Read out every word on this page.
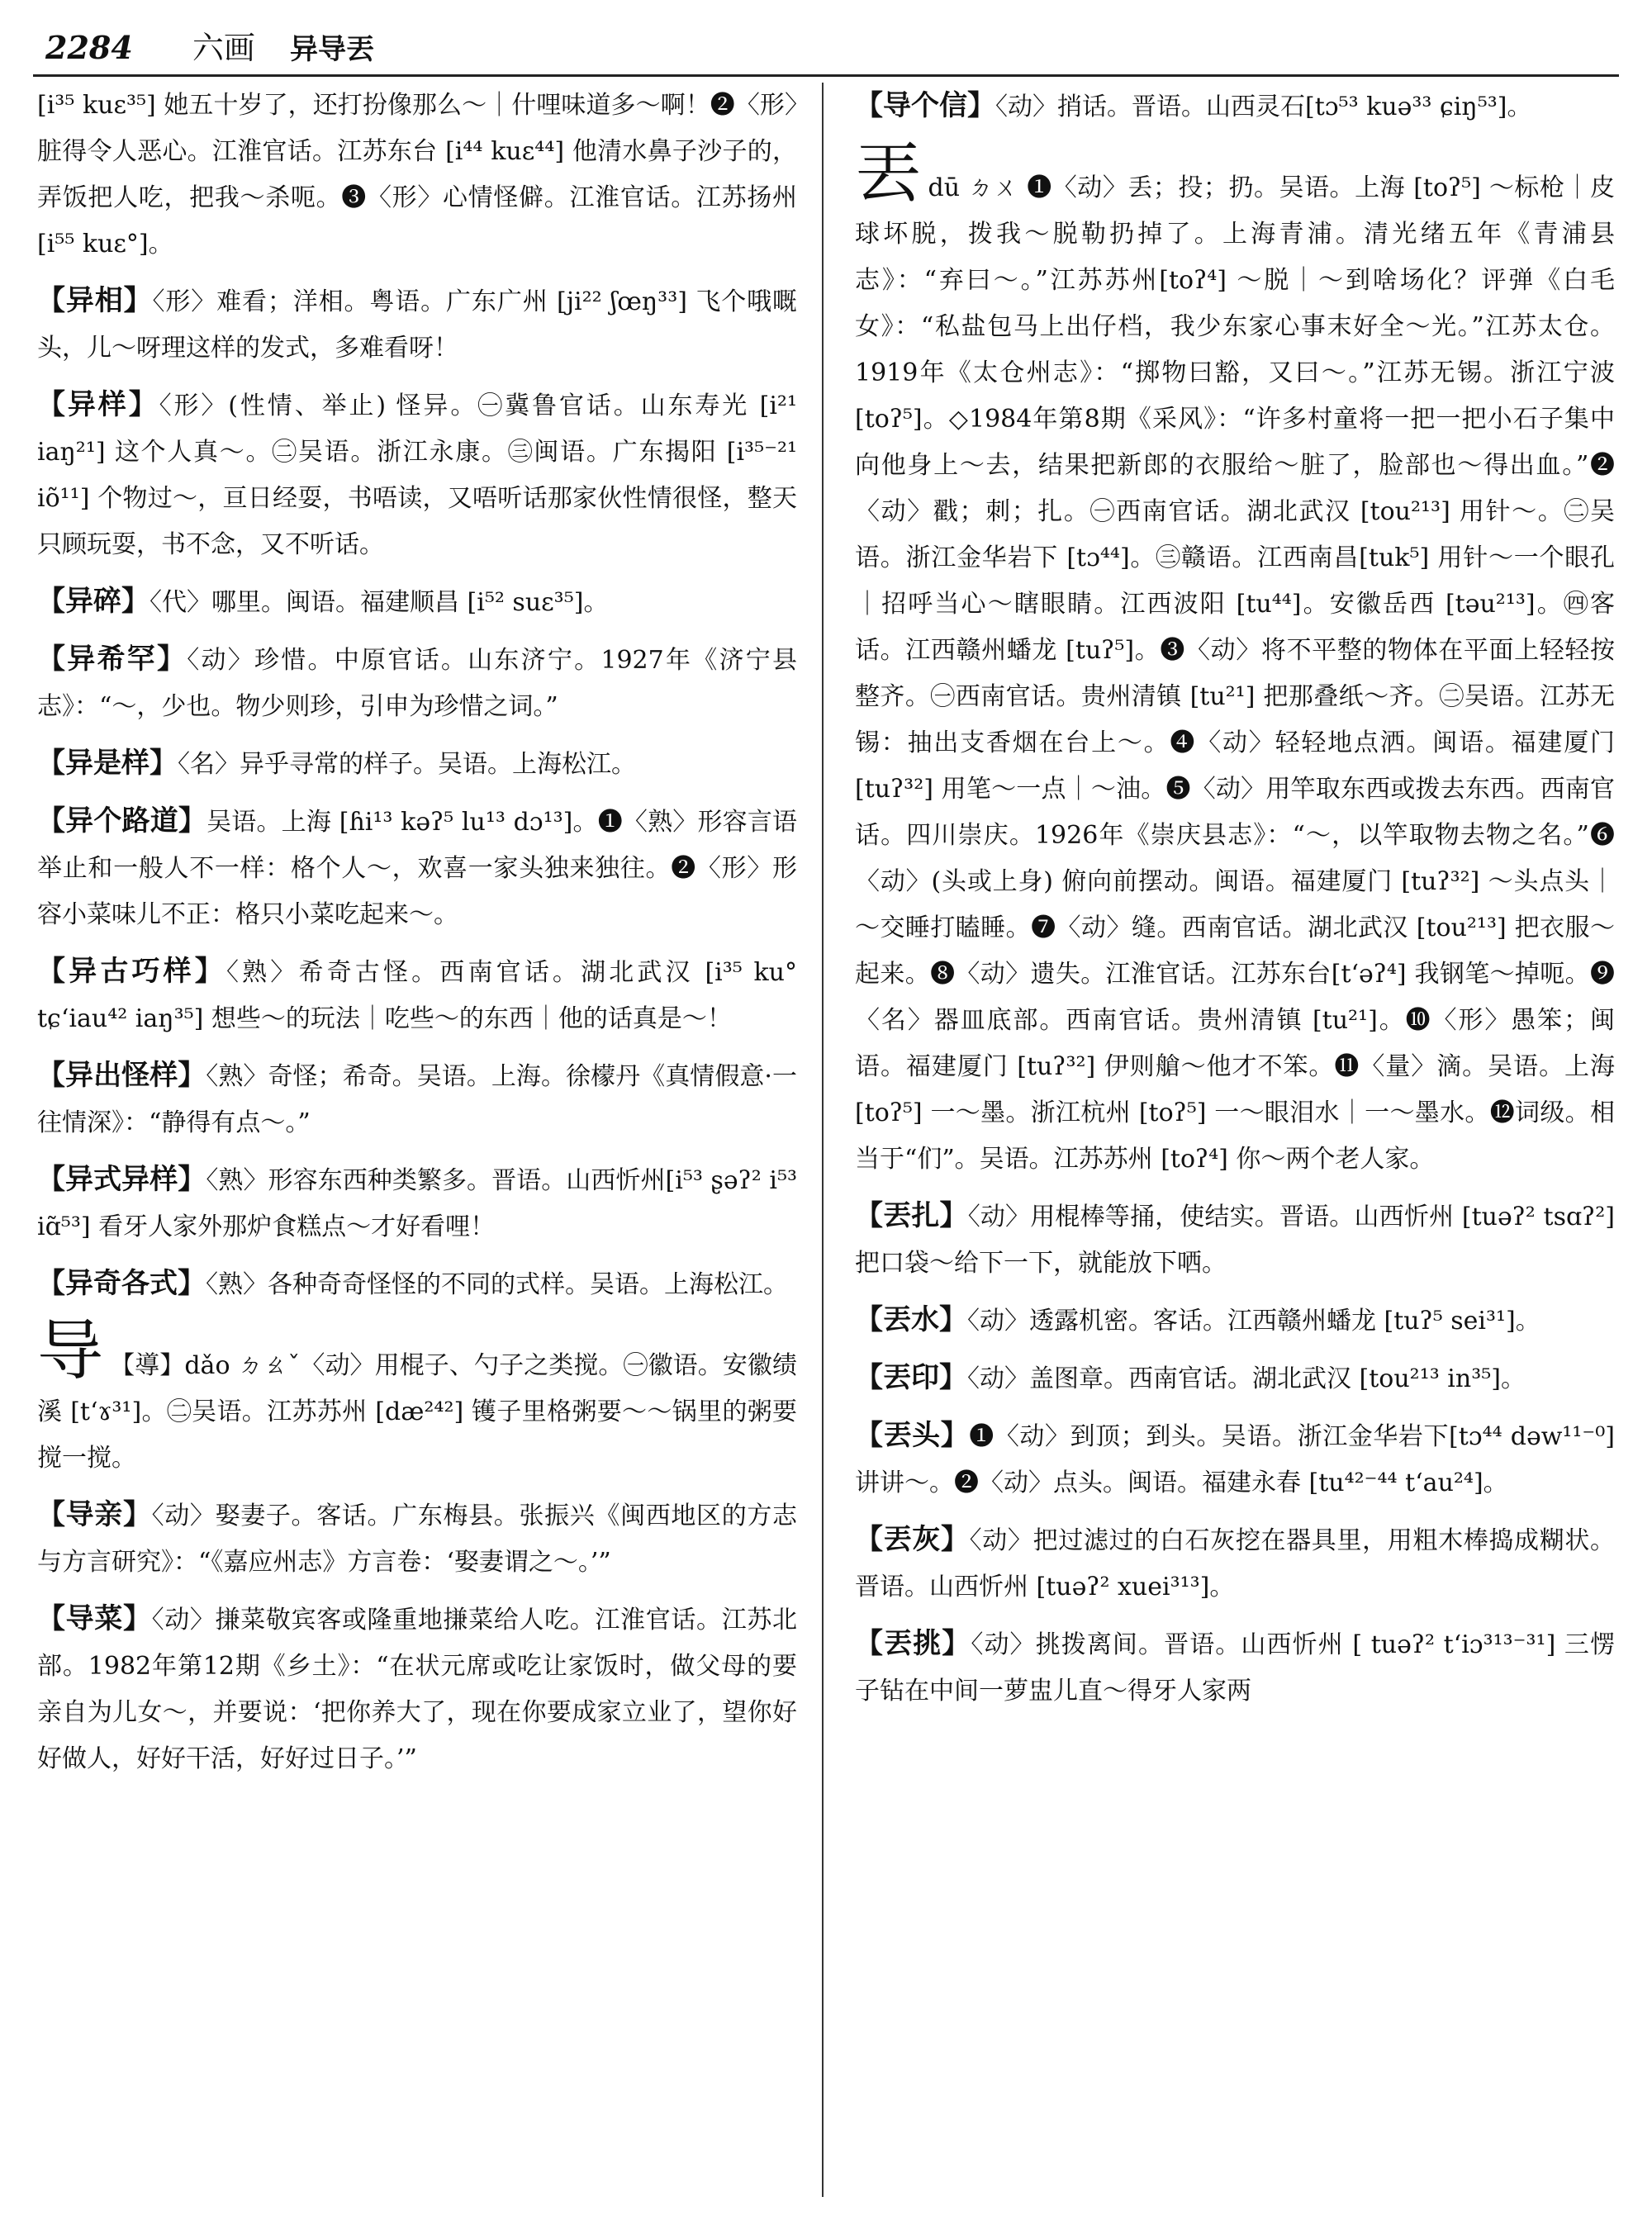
2284 六画 异导丟

[i³⁵ kuɛ³⁵] 她五十岁了，还打扮像那么～｜什哩味道多～啊！❷〈形〉脏得令人恶心。江淮官话。江苏东台 [i⁴⁴ kuɛ⁴⁴] 他清水鼻子沙子的，弄饭把人吃，把我～杀呃。❸〈形〉心情怪僻。江淮官话。江苏扬州[i⁵⁵ kuɛ°]。

【异相】〈形〉难看；洋相。粤语。广东广州 [ji²² ʃœŋ³³] 飞个哦嘅头，儿～呀理这样的发式，多难看呀！

【异样】〈形〉(性情、举止) 怪异。㊀冀鲁官话。山东寿光 [i²¹ iaŋ²¹] 这个人真～。㊁吴语。浙江永康。㊂闽语。广东揭阳 [i³⁵⁻²¹ iõ¹¹] 个物过～，亘日经耍，书唔读，又唔听话那家伙性情很怪，整天只顾玩耍，书不念，又不听话。

【异碎】〈代〉哪里。闽语。福建顺昌 [i⁵² suɛ³⁵]。

【异希罕】〈动〉珍惜。中原官话。山东济宁。1927年《济宁县志》：“～，少也。物少则珍，引申为珍惜之词。”

【异是样】〈名〉异乎寻常的样子。吴语。上海松江。

【异个路道】吴语。上海 [ɦi¹³ kəʔ⁵ lu¹³ dɔ¹³]。❶〈熟〉形容言语举止和一般人不一样：格个人～，欢喜一家头独来独往。❷〈形〉形容小菜味儿不正：格只小菜吃起来～。

【异古巧样】〈熟〉希奇古怪。西南官话。湖北武汉 [i³⁵ ku° tɕʻiau⁴² iaŋ³⁵] 想些～的玩法｜吃些～的东西｜他的话真是～！

【异出怪样】〈熟〉奇怪；希奇。吴语。上海。徐檬丹《真情假意·一往情深》：“静得有点～。”

【异式异样】〈熟〉形容东西种类繁多。晋语。山西忻州[i⁵³ ʂəʔ² i⁵³ iɑ̃⁵³] 看牙人家外那炉食糕点～才好看哩！

【异奇各式】〈熟〉各种奇奇怪怪的不同的式样。吴语。上海松江。

导 【導】dǎo ㄉㄠˇ〈动〉用棍子、勺子之类搅。㊀徽语。安徽绩溪 [tʻɤ³¹]。㊁吴语。江苏苏州 [dæ²⁴²] 镬子里格粥要～～锅里的粥要搅一搅。

【导亲】〈动〉娶妻子。客话。广东梅县。张振兴《闽西地区的方志与方言研究》：“《嘉应州志》方言卷：‘娶妻谓之～。’”

【导菜】〈动〉搛菜敬宾客或隆重地搛菜给人吃。江淮官话。江苏北部。1982年第12期《乡土》：“在状元席或吃让家饭时，做父母的要亲自为儿女～，并要说：‘把你养大了，现在你要成家立业了，望你好好做人，好好干活，好好过日子。’”

【导个信】〈动〉捎话。晋语。山西灵石[tɔ⁵³ kuə³³ ɕiŋ⁵³]。

丟dū ㄉㄨ ❶〈动〉丢；投；扔。吴语。上海 [toʔ⁵] ～标枪｜皮球坏脱，拨我～脱勒扔掉了。上海青浦。清光绪五年《青浦县志》：“弃曰～。”江苏苏州[toʔ⁴] ～脱｜～到啥场化？评弹《白毛女》：“私盐包马上出仔档，我少东家心事末好全～光。”江苏太仓。1919年《太仓州志》：“掷物曰豁，又曰～。”江苏无锡。浙江宁波 [toʔ⁵]。◇1984年第8期《采风》：“许多村童将一把一把小石子集中向他身上～去，结果把新郎的衣服给～脏了，脸部也～得出血。”❷〈动〉戳；刺；扎。㊀西南官话。湖北武汉 [tou²¹³] 用针～。㊁吴语。浙江金华岩下 [tɔ⁴⁴]。㊂赣语。江西南昌[tuk⁵] 用针～一个眼孔｜招呼当心～瞎眼睛。江西波阳 [tu⁴⁴]。安徽岳西 [təu²¹³]。㊃客话。江西赣州蟠龙 [tuʔ⁵]。❸〈动〉将不平整的物体在平面上轻轻按整齐。㊀西南官话。贵州清镇 [tu²¹] 把那叠纸～齐。㊁吴语。江苏无锡：抽出支香烟在台上～。❹〈动〉轻轻地点洒。闽语。福建厦门 [tuʔ³²] 用笔～一点｜～油。❺〈动〉用竿取东西或拨去东西。西南官话。四川崇庆。1926年《崇庆县志》：“～，以竿取物去物之名。”❻〈动〉(头或上身) 俯向前摆动。闽语。福建厦门 [tuʔ³²] ～头点头｜～交睡打瞌睡。❼〈动〉缝。西南官话。湖北武汉 [tou²¹³] 把衣服～起来。❽〈动〉遗失。江淮官话。江苏东台[tʻəʔ⁴] 我钢笔～掉呃。❾〈名〉器皿底部。西南官话。贵州清镇 [tu²¹]。❿〈形〉愚笨；闽语。福建厦门 [tuʔ³²] 伊则艙～他才不笨。⓫〈量〉滴。吴语。上海 [toʔ⁵] 一～墨。浙江杭州 [toʔ⁵] 一～眼泪水｜一～墨水。⓬词级。相当于“们”。吴语。江苏苏州 [toʔ⁴] 你～两个老人家。

【丟扎】〈动〉用棍棒等捅，使结实。晋语。山西忻州 [tuəʔ² tsɑʔ²]把口袋～给下一下，就能放下哂。

【丟水】〈动〉透露机密。客话。江西赣州蟠龙 [tuʔ⁵ sei³¹]。

【丟印】〈动〉盖图章。西南官话。湖北武汉 [tou²¹³ in³⁵]。

【丟头】❶〈动〉到顶；到头。吴语。浙江金华岩下[tɔ⁴⁴ dəw¹¹⁻⁰] 讲讲～。❷〈动〉点头。闽语。福建永春 [tu⁴²⁻⁴⁴ tʻau²⁴]。

【丟灰】〈动〉把过滤过的白石灰挖在器具里，用粗木棒捣成糊状。晋语。山西忻州 [tuəʔ² xuei³¹³]。

【丟挑】〈动〉挑拨离间。晋语。山西忻州 [ tuəʔ² tʻiɔ³¹³⁻³¹] 三愣子钻在中间一萝盅儿直～得牙人家两
